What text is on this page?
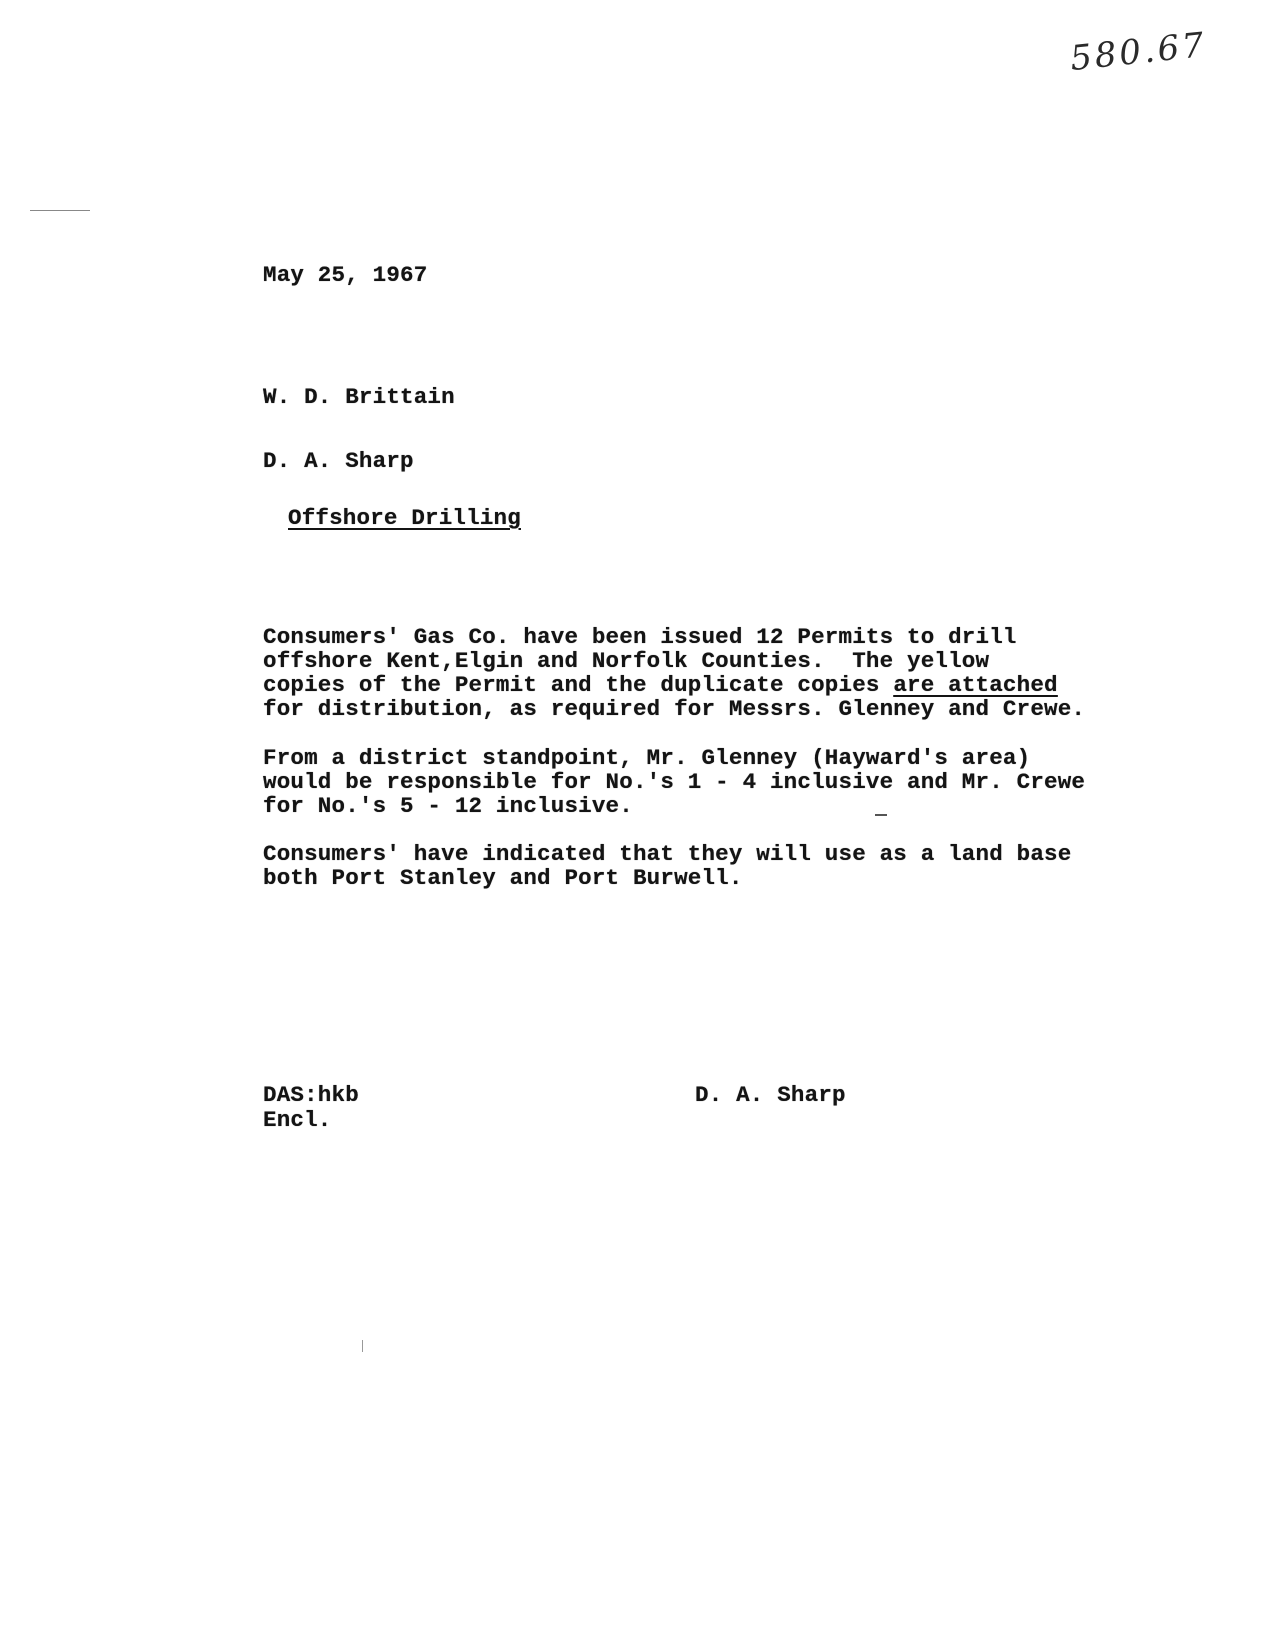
580.67
May 25, 1967
W. D. Brittain
D. A. Sharp
Offshore Drilling
Consumers' Gas Co. have been issued 12 Permits to drill
offshore Kent,Elgin and Norfolk Counties.  The yellow
copies of the Permit and the duplicate copies are attached
for distribution, as required for Messrs. Glenney and Crewe.
From a district standpoint, Mr. Glenney (Hayward's area)
would be responsible for No.'s 1 - 4 inclusive and Mr. Crewe
for No.'s 5 - 12 inclusive.
Consumers' have indicated that they will use as a land base
both Port Stanley and Port Burwell.
DAS:hkb
Encl.
D. A. Sharp
